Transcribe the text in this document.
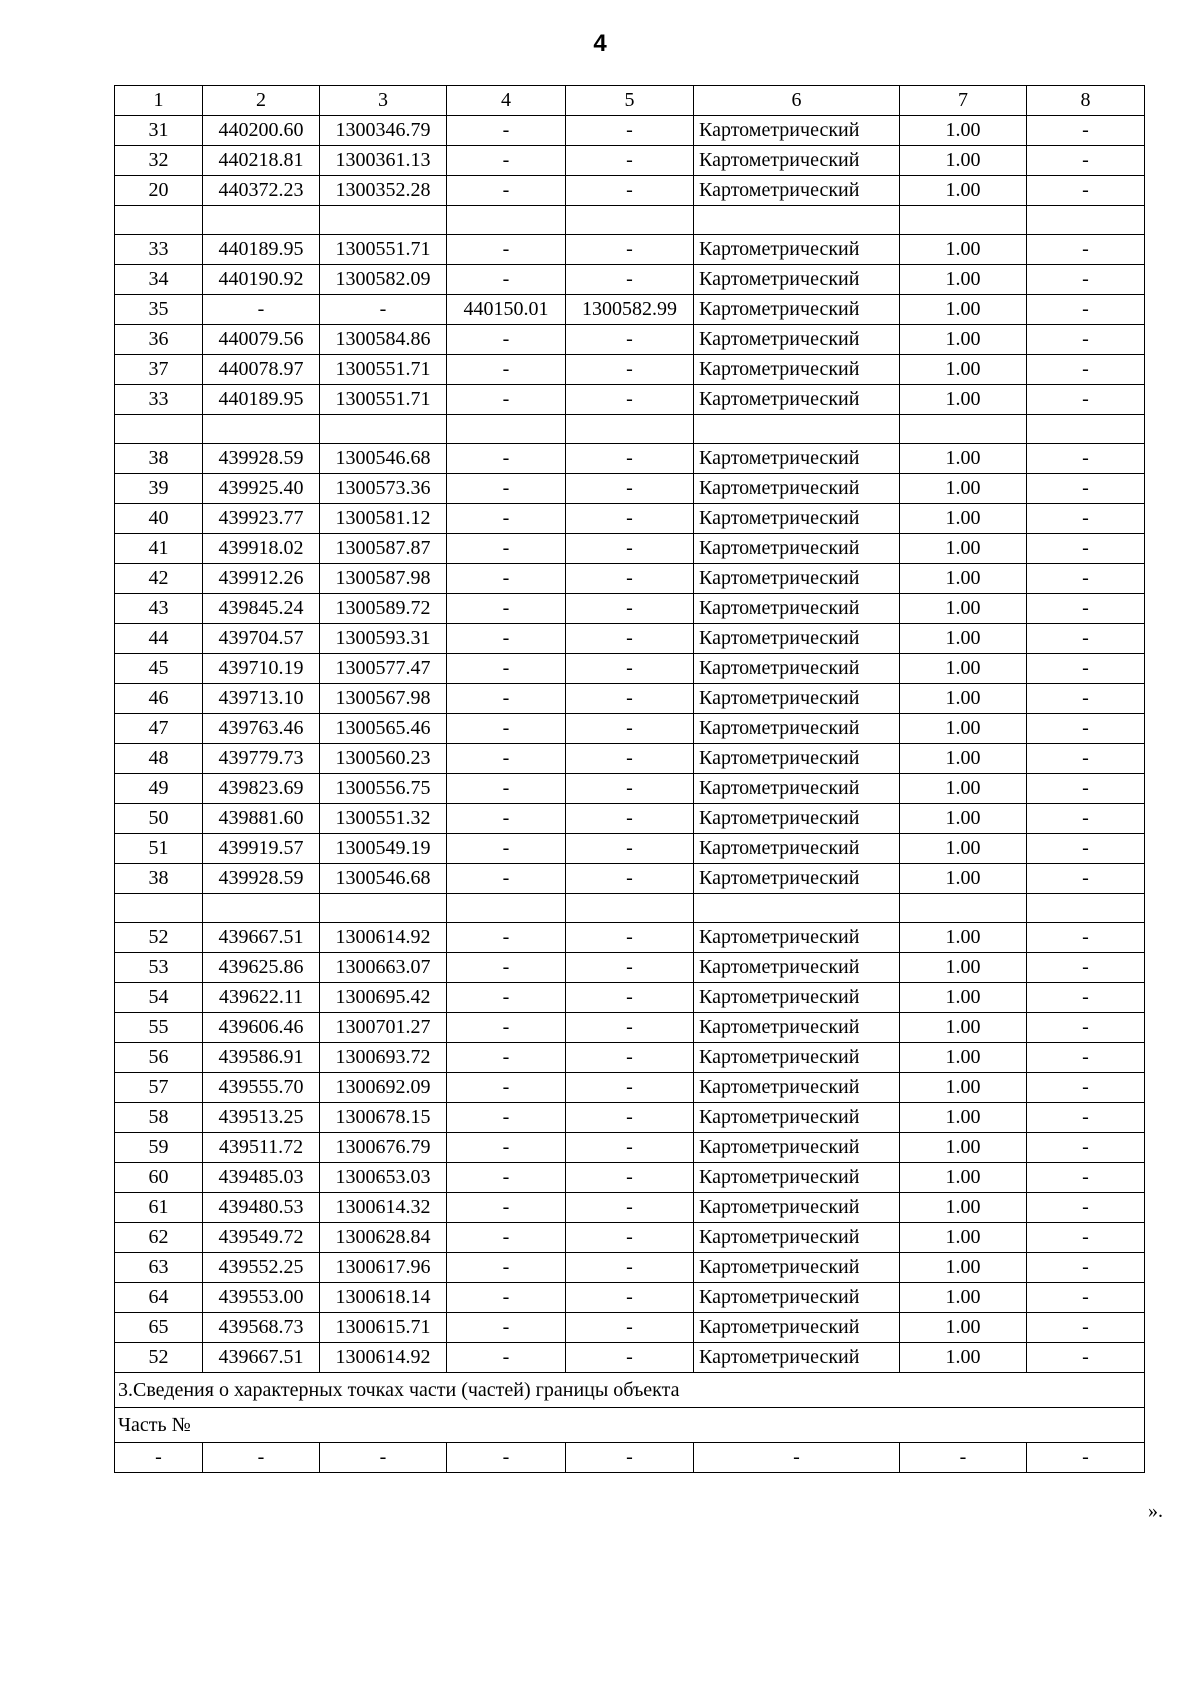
4
1	2	3	4	5	6	7	8
31	440200.60	1300346.79	-	-	Картометрический	1.00	-
32	440218.81	1300361.13	-	-	Картометрический	1.00	-
20	440372.23	1300352.28	-	-	Картометрический	1.00	-

33	440189.95	1300551.71	-	-	Картометрический	1.00	-
34	440190.92	1300582.09	-	-	Картометрический	1.00	-
35	-	-	440150.01	1300582.99	Картометрический	1.00	-
36	440079.56	1300584.86	-	-	Картометрический	1.00	-
37	440078.97	1300551.71	-	-	Картометрический	1.00	-
33	440189.95	1300551.71	-	-	Картометрический	1.00	-

38	439928.59	1300546.68	-	-	Картометрический	1.00	-
39	439925.40	1300573.36	-	-	Картометрический	1.00	-
40	439923.77	1300581.12	-	-	Картометрический	1.00	-
41	439918.02	1300587.87	-	-	Картометрический	1.00	-
42	439912.26	1300587.98	-	-	Картометрический	1.00	-
43	439845.24	1300589.72	-	-	Картометрический	1.00	-
44	439704.57	1300593.31	-	-	Картометрический	1.00	-
45	439710.19	1300577.47	-	-	Картометрический	1.00	-
46	439713.10	1300567.98	-	-	Картометрический	1.00	-
47	439763.46	1300565.46	-	-	Картометрический	1.00	-
48	439779.73	1300560.23	-	-	Картометрический	1.00	-
49	439823.69	1300556.75	-	-	Картометрический	1.00	-
50	439881.60	1300551.32	-	-	Картометрический	1.00	-
51	439919.57	1300549.19	-	-	Картометрический	1.00	-
38	439928.59	1300546.68	-	-	Картометрический	1.00	-

52	439667.51	1300614.92	-	-	Картометрический	1.00	-
53	439625.86	1300663.07	-	-	Картометрический	1.00	-
54	439622.11	1300695.42	-	-	Картометрический	1.00	-
55	439606.46	1300701.27	-	-	Картометрический	1.00	-
56	439586.91	1300693.72	-	-	Картометрический	1.00	-
57	439555.70	1300692.09	-	-	Картометрический	1.00	-
58	439513.25	1300678.15	-	-	Картометрический	1.00	-
59	439511.72	1300676.79	-	-	Картометрический	1.00	-
60	439485.03	1300653.03	-	-	Картометрический	1.00	-
61	439480.53	1300614.32	-	-	Картометрический	1.00	-
62	439549.72	1300628.84	-	-	Картометрический	1.00	-
63	439552.25	1300617.96	-	-	Картометрический	1.00	-
64	439553.00	1300618.14	-	-	Картометрический	1.00	-
65	439568.73	1300615.71	-	-	Картометрический	1.00	-
52	439667.51	1300614.92	-	-	Картометрический	1.00	-
3.Сведения о характерных точках части (частей) границы объекта							
Часть №							
-	-	-	-	-	-	-	-
».
